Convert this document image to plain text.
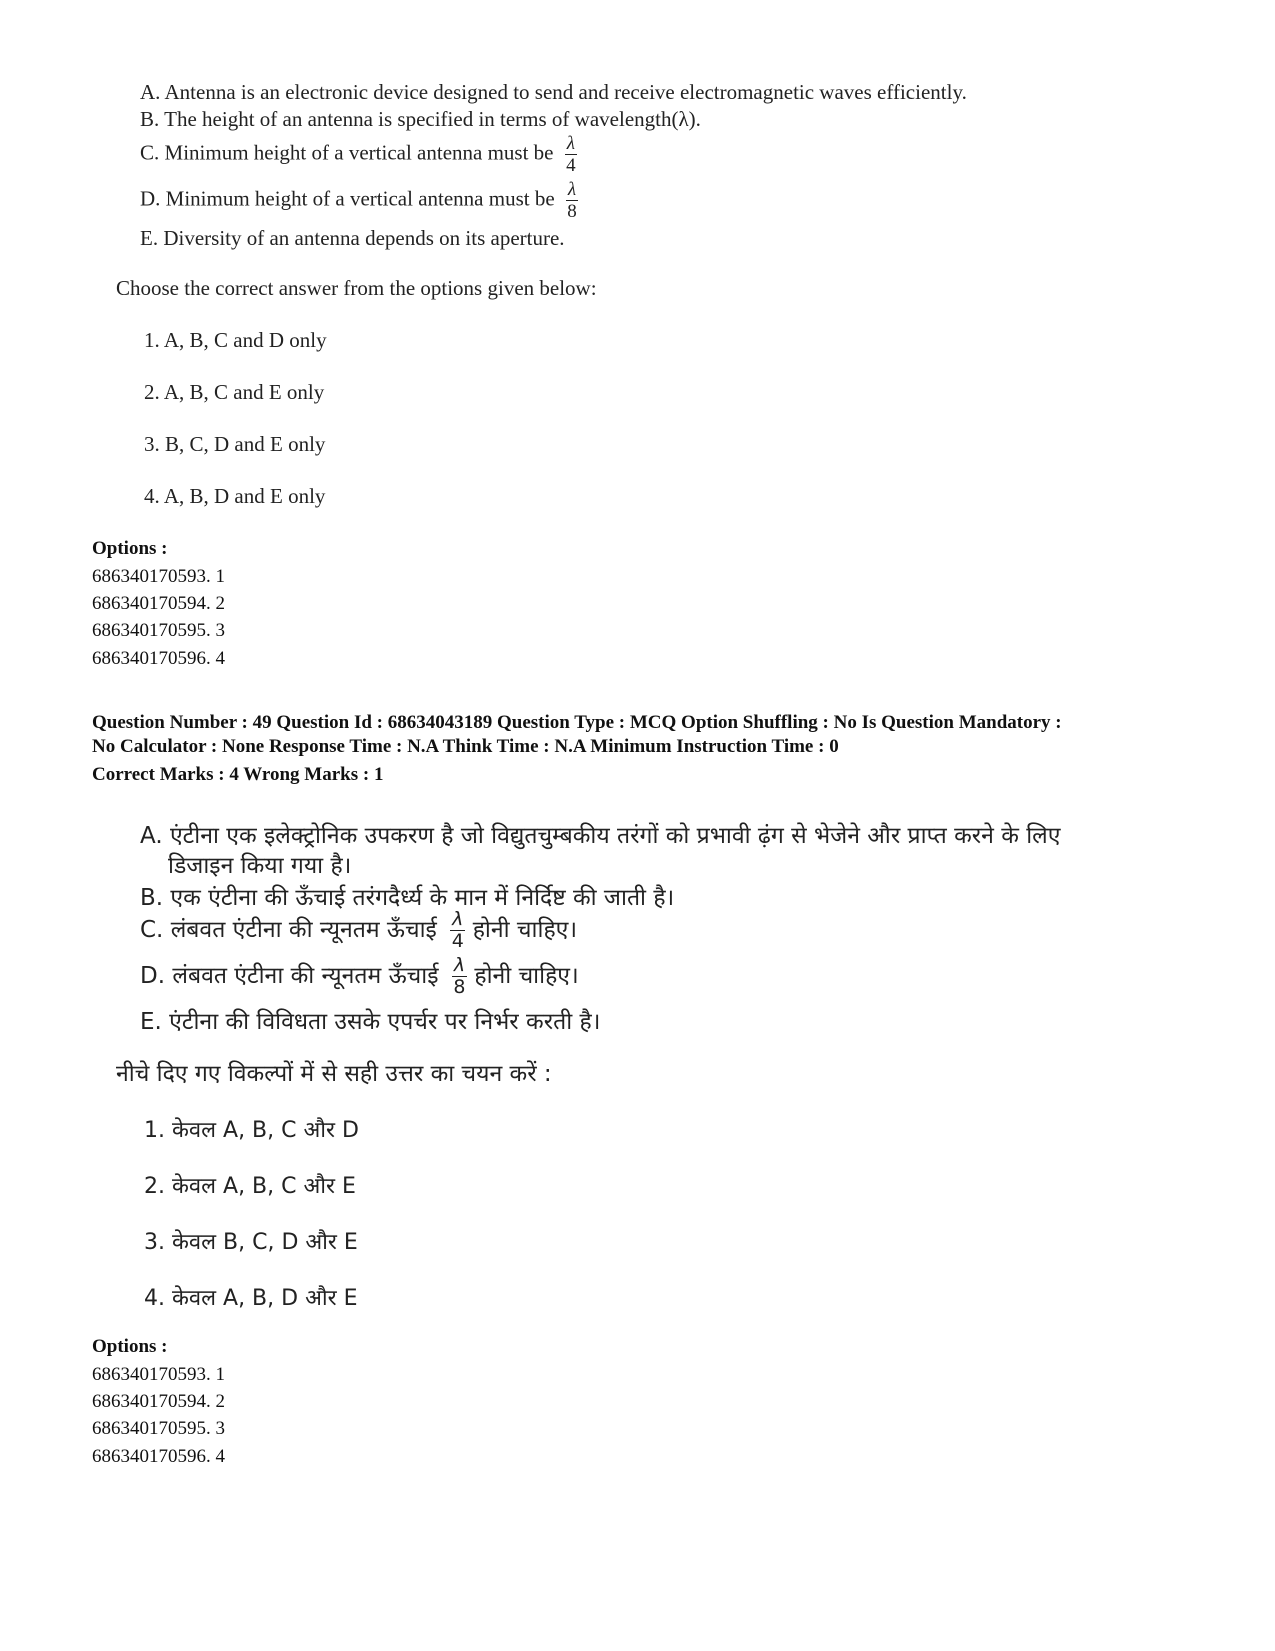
A. Antenna is an electronic device designed to send and receive electromagnetic waves efficiently.
B. The height of an antenna is specified in terms of wavelength(λ).
C. Minimum height of a vertical antenna must be $\frac{\lambda}{4}$
D. Minimum height of a vertical antenna must be $\frac{\lambda}{8}$
E. Diversity of an antenna depends on its aperture.
Choose the correct answer from the options given below:
1. A, B, C and D only
2. A, B, C and E only
3. B, C, D and E only
4. A, B, D and E only
Options :
686340170593. 1
686340170594. 2
686340170595. 3
686340170596. 4
Question Number : 49 Question Id : 68634043189 Question Type : MCQ Option Shuffling : No Is Question Mandatory :
No Calculator : None Response Time : N.A Think Time : N.A Minimum Instruction Time : 0
Correct Marks : 4 Wrong Marks : 1
A. एंटीना एक इलेक्ट्रोनिक उपकरण है जो विद्युतचुम्बकीय तरंगों को प्रभावी ढ़ंग से भेजेने और प्राप्त करने के लिए
डिजाइन किया गया है।
B. एक एंटीना की ऊँचाई तरंगदैर्ध्य के मान में निर्दिष्ट की जाती है।
C. लंबवत एंटीना की न्यूनतम ऊँचाई $\frac{\lambda}{4}$ होनी चाहिए।
D. लंबवत एंटीना की न्यूनतम ऊँचाई $\frac{\lambda}{8}$ होनी चाहिए।
E. एंटीना की विविधता उसके एपर्चर पर निर्भर करती है।
नीचे दिए गए विकल्पों में से सही उत्तर का चयन करें :
1. केवल A, B, C और D
2. केवल A, B, C और E
3. केवल B, C, D और E
4. केवल A, B, D और E
Options :
686340170593. 1
686340170594. 2
686340170595. 3
686340170596. 4
